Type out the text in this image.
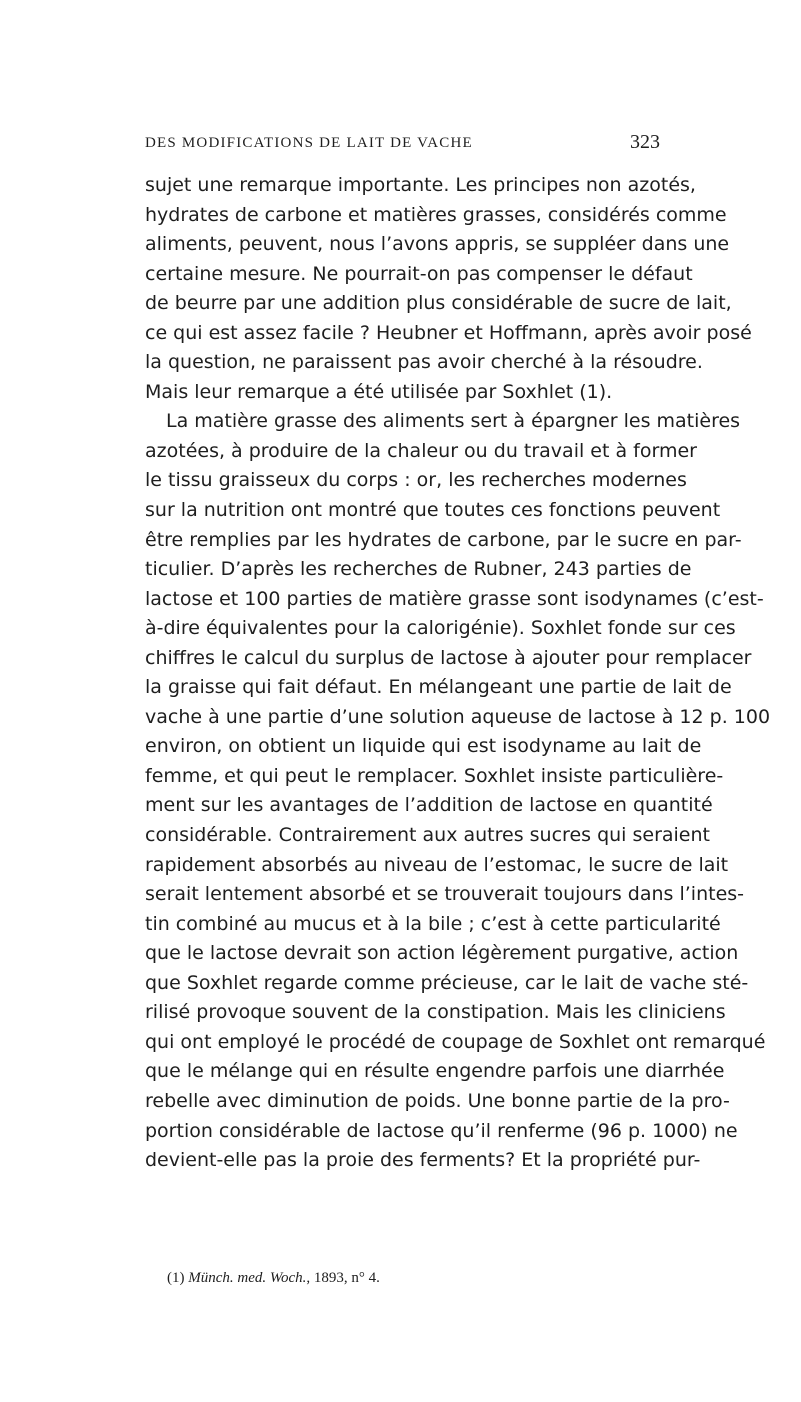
DES MODIFICATIONS DE LAIT DE VACHE	323
sujet une remarque importante. Les principes non azotés,
hydrates de carbone et matières grasses, considérés comme
aliments, peuvent, nous l’avons appris, se suppléer dans une
certaine mesure. Ne pourrait-on pas compenser le défaut
de beurre par une addition plus considérable de sucre de lait,
ce qui est assez facile ? Heubner et Hoffmann, après avoir posé
la question, ne paraissent pas avoir cherché à la résoudre.
Mais leur remarque a été utilisée par Soxhlet (1).
La matière grasse des aliments sert à épargner les matières
azotées, à produire de la chaleur ou du travail et à former
le tissu graisseux du corps : or, les recherches modernes
sur la nutrition ont montré que toutes ces fonctions peuvent
être remplies par les hydrates de carbone, par le sucre en par-
ticulier. D’après les recherches de Rubner, 243 parties de
lactose et 100 parties de matière grasse sont isodynames (c’est-
à-dire équivalentes pour la calorigénie). Soxhlet fonde sur ces
chiffres le calcul du surplus de lactose à ajouter pour remplacer
la graisse qui fait défaut. En mélangeant une partie de lait de
vache à une partie d’une solution aqueuse de lactose à 12 p. 100
environ, on obtient un liquide qui est isodyname au lait de
femme, et qui peut le remplacer. Soxhlet insiste particulière-
ment sur les avantages de l’addition de lactose en quantité
considérable. Contrairement aux autres sucres qui seraient
rapidement absorbés au niveau de l’estomac, le sucre de lait
serait lentement absorbé et se trouverait toujours dans l’intes-
tin combiné au mucus et à la bile ; c’est à cette particularité
que le lactose devrait son action légèrement purgative, action
que Soxhlet regarde comme précieuse, car le lait de vache sté-
rilisé provoque souvent de la constipation. Mais les cliniciens
qui ont employé le procédé de coupage de Soxhlet ont remarqué
que le mélange qui en résulte engendre parfois une diarrhée
rebelle avec diminution de poids. Une bonne partie de la pro-
portion considérable de lactose qu’il renferme (96 p. 1000) ne
devient-elle pas la proie des ferments? Et la propriété pur-
(1) Münch. med. Woch., 1893, n° 4.
